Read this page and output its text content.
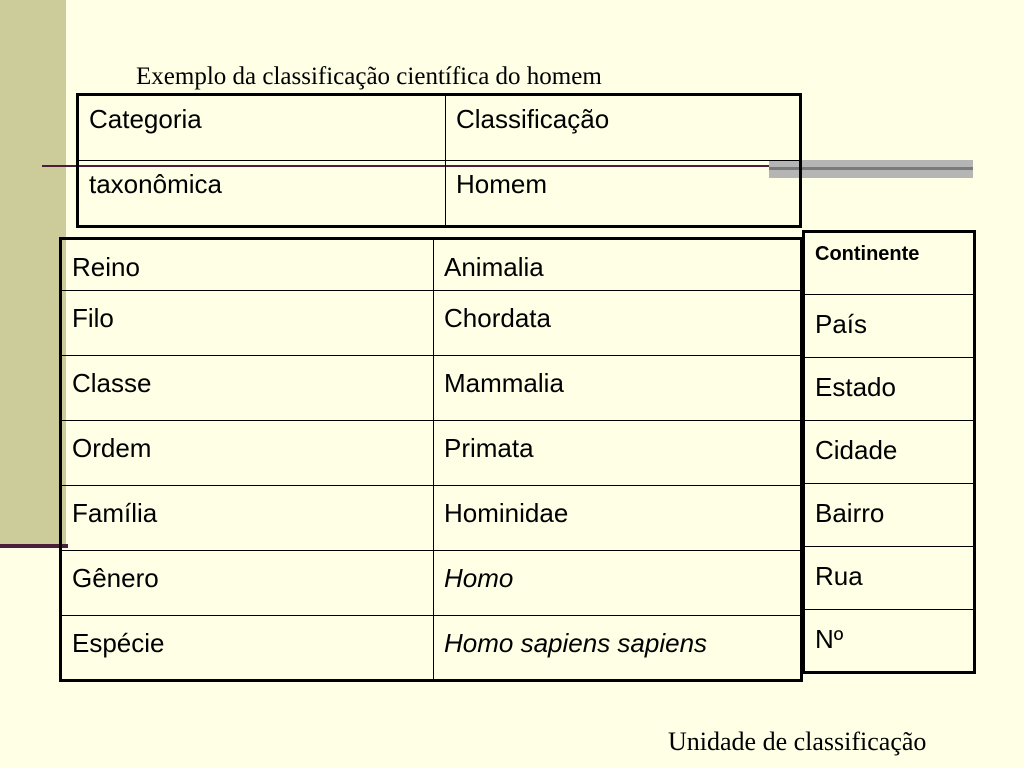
Exemplo da classificação científica do homem
Categoria	Classificação
taxonômica	Homem
Reino	Animalia
Filo	Chordata
Classe	Mammalia
Ordem	Primata
Família	Hominidae
Gênero	Homo
Espécie	Homo sapiens sapiens
Continente
País
Estado
Cidade
Bairro
Rua
Nº
Unidade de classificação
